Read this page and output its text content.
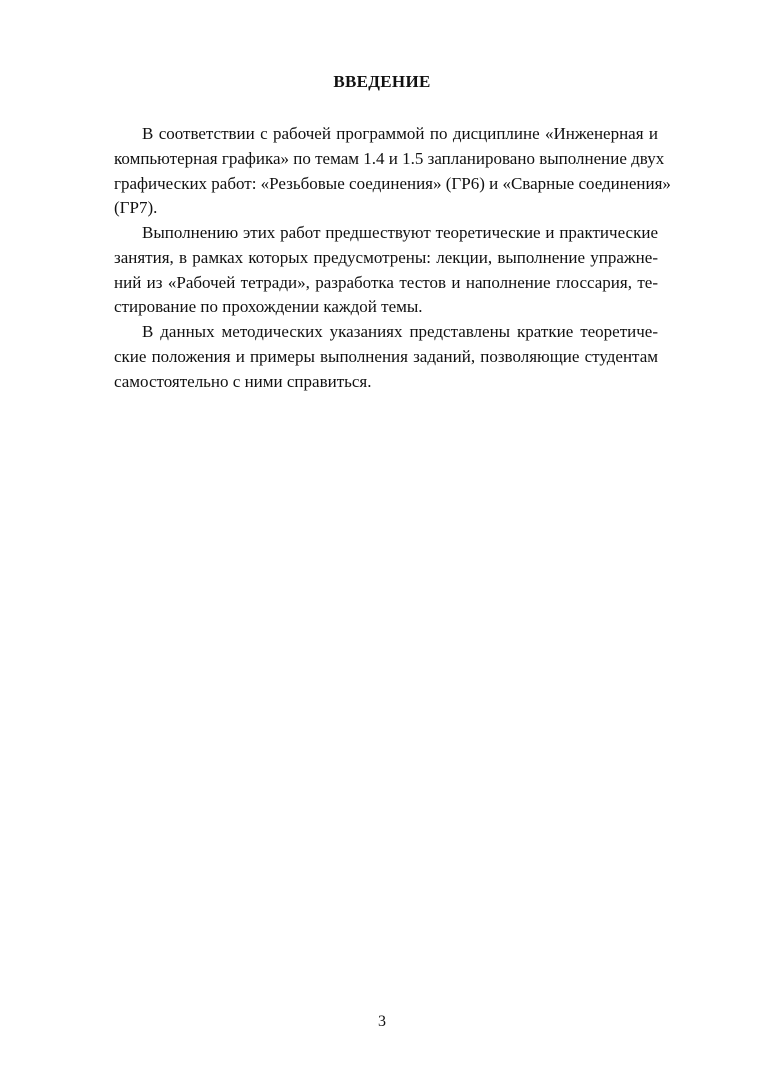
ВВЕДЕНИЕ
В соответствии с рабочей программой по дисциплине «Инженерная и
компьютерная графика» по темам 1.4 и 1.5 запланировано выполнение двух
графических работ: «Резьбовые соединения» (ГР6) и «Сварные соединения»
(ГР7).
Выполнению этих работ предшествуют теоретические и практические
занятия, в рамках которых предусмотрены: лекции, выполнение упражне-
ний из «Рабочей тетради», разработка тестов и наполнение глоссария, те-
стирование по прохождении каждой темы.
В данных методических указаниях представлены краткие теоретиче-
ские положения и примеры выполнения заданий, позволяющие студентам
самостоятельно с ними справиться.
3
